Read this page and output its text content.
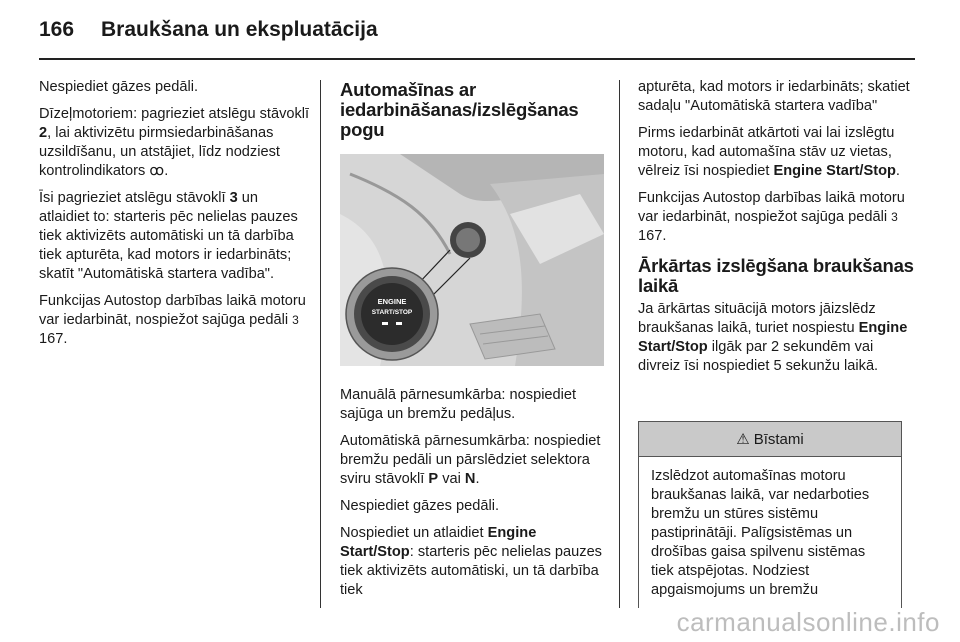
166 Braukšana un ekspluatācija

Nespiediet gāzes pedāli.

Dīzeļmotoriem: pagrieziet atslēgu stāvoklī 2, lai aktivizētu pirmsiedarbināšanas uzsildīšanu, un atstājiet, līdz nodziest kontrolindikators ꝏ.

Īsi pagrieziet atslēgu stāvoklī 3 un atlaidiet to: starteris pēc nelielas pauzes tiek aktivizēts automātiski un tā darbība tiek apturēta, kad motors ir iedarbināts; skatīt "Automātiskā startera vadība".

Funkcijas Autostop darbības laikā motoru var iedarbināt, nospiežot sajūga pedāli 3 167.

Automašīnas ar iedarbināšanas/izslēgšanas pogu
ENGINE
START/STOP

Manuālā pārnesumkārba: nospiediet sajūga un bremžu pedāļus.

Automātiskā pārnesumkārba: nospiediet bremžu pedāli un pārslēdziet selektora sviru stāvoklī P vai N.

Nespiediet gāzes pedāli.

Nospiediet un atlaidiet Engine Start/Stop: starteris pēc nelielas pauzes tiek aktivizēts automātiski, un tā darbība tiek

apturēta, kad motors ir iedarbināts; skatiet sadaļu "Automātiskā startera vadība"

Pirms iedarbināt atkārtoti vai lai izslēgtu motoru, kad automašīna stāv uz vietas, vēlreiz īsi nospiediet Engine Start/Stop.

Funkcijas Autostop darbības laikā motoru var iedarbināt, nospiežot sajūga pedāli 3 167.

Ārkārtas izslēgšana braukšanas laikā

Ja ārkārtas situācijā motors jāizslēdz braukšanas laikā, turiet nospiestu Engine Start/Stop ilgāk par 2 sekundēm vai divreiz īsi nospiediet 5 sekunžu laikā.

⚠ Bīstami
Izslēdzot automašīnas motoru braukšanas laikā, var nedarboties bremžu un stūres sistēmu pastiprinātāji. Palīgsistēmas un drošības gaisa spilvenu sistēmas tiek atspējotas. Nodziest apgaismojums un bremžu
carmanualsonline.info
